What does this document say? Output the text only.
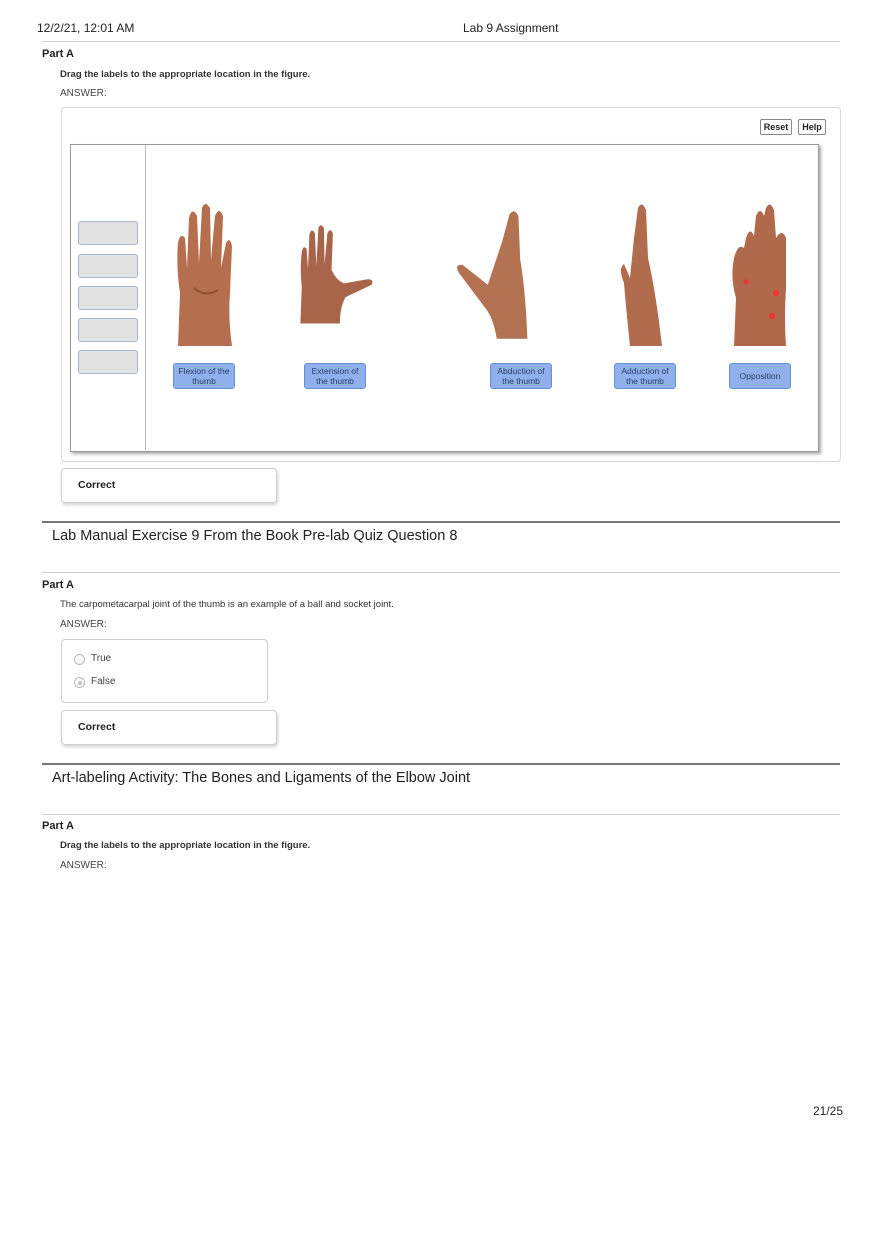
12/2/21, 12:01 AM	Lab 9 Assignment
Part A
Drag the labels to the appropriate location in the figure.
ANSWER:
Reset	Help
Flexion of the thumb
Extension of the thumb
Abduction of the thumb
Adduction of the thumb	Opposition
Correct
Lab Manual Exercise 9 From the Book Pre-lab Quiz Question 8
Part A
The carpometacarpal joint of the thumb is an example of a ball and socket joint.
ANSWER:
True
False
Correct
Art-labeling Activity: The Bones and Ligaments of the Elbow Joint
Part A
Drag the labels to the appropriate location in the figure.
ANSWER:
21/25
